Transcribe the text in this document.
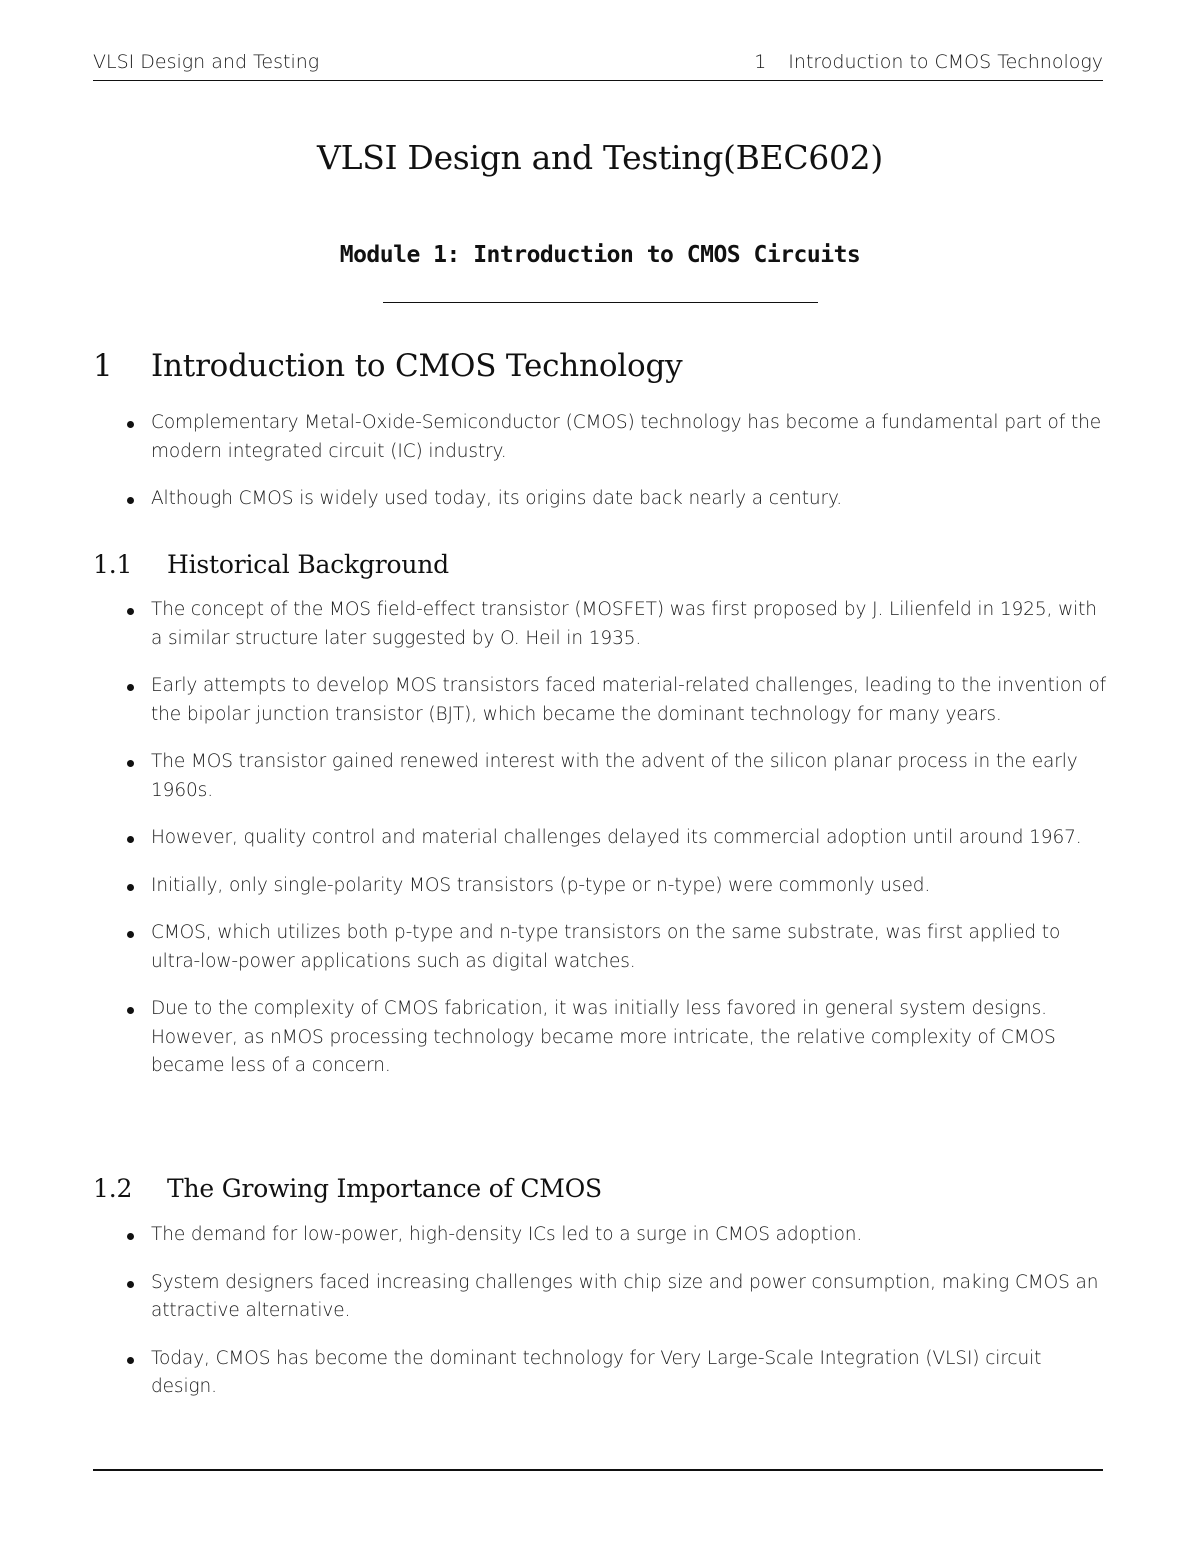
VLSI Design and Testing	1 Introduction to CMOS Technology
VLSI Design and Testing(BEC602)
Module 1: Introduction to CMOS Circuits
1 Introduction to CMOS Technology
Complementary Metal-Oxide-Semiconductor (CMOS) technology has become a fundamental part of the modern integrated circuit (IC) industry.
Although CMOS is widely used today, its origins date back nearly a century.
1.1 Historical Background
The concept of the MOS field-effect transistor (MOSFET) was first proposed by J. Lilienfeld in 1925, with a similar structure later suggested by O. Heil in 1935.
Early attempts to develop MOS transistors faced material-related challenges, leading to the invention of the bipolar junction transistor (BJT), which became the dominant technology for many years.
The MOS transistor gained renewed interest with the advent of the silicon planar process in the early 1960s.
However, quality control and material challenges delayed its commercial adoption until around 1967.
Initially, only single-polarity MOS transistors (p-type or n-type) were commonly used.
CMOS, which utilizes both p-type and n-type transistors on the same substrate, was first applied to ultra-low-power applications such as digital watches.
Due to the complexity of CMOS fabrication, it was initially less favored in general system designs. However, as nMOS processing technology became more intricate, the relative complexity of CMOS became less of a concern.
1.2 The Growing Importance of CMOS
The demand for low-power, high-density ICs led to a surge in CMOS adoption.
System designers faced increasing challenges with chip size and power consumption, making CMOS an attractive alternative.
Today, CMOS has become the dominant technology for Very Large-Scale Integration (VLSI) circuit design.
